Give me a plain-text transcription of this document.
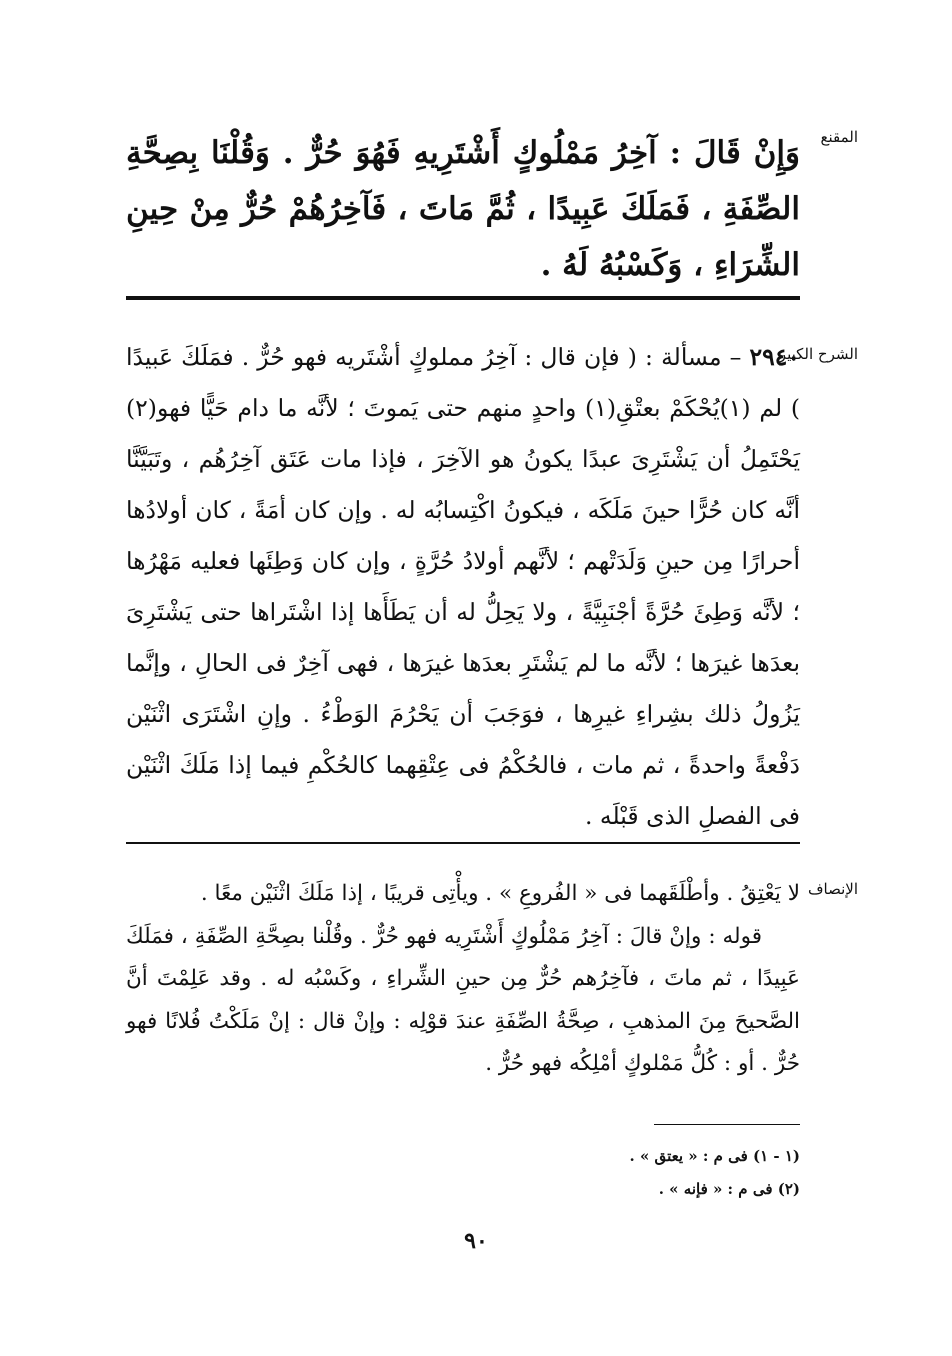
المقنع
وَإِنْ قَالَ : آخِرُ مَمْلُوكٍ أَشْتَرِيهِ فَهُوَ حُرٌّ . وَقُلْنَا بِصِحَّةِ الصِّفَةِ ، فَمَلَكَ عَبِيدًا ، ثُمَّ مَاتَ ، فَآخِرُهُمْ حُرٌّ مِنْ حِينِ الشِّرَاءِ ، وَكَسْبُهُ لَهُ .
الشرح الكبير
٢٩٤٠ – مسألة : ( فإن قال : آخِرُ مملوكٍ أشْتَريه فهو حُرٌّ . فمَلَكَ عَبيدًا ) لم (١)يُحْكَمْ بعتْقِ(١) واحدٍ منهم حتى يَموتَ ؛ لأنَّه ما دام حَيًّا فهو(٢) يَحْتَمِلُ أن يَشْتَرِىَ عبدًا يكونُ هو الآخِرَ ، فإذا مات عَتَق آخِرُهُم ، وتَبَيَّنَّا أنَّه كان حُرًّا حينَ مَلَكَه ، فيكونُ اكْتِسابُه له . وإن كان أمَةً ، كان أولادُها أحرارًا مِن حينِ وَلَدَتْهم ؛ لأنَّهم أولادُ حُرَّةٍ ، وإن كان وَطِئَها فعليه مَهْرُها ؛ لأنَّه وَطِئَ حُرَّةً أجْنَبِيَّةً ، ولا يَحِلُّ له أن يَطَأَها إذا اشْتَراها حتى يَشْتَرِىَ بعدَها غيرَها ؛ لأنَّه ما لم يَشْتَرِ بعدَها غيرَها ، فهى آخِرٌ فى الحالِ ، وإنَّما يَزُولُ ذلك بشِراءِ غيرِها ، فوَجَبَ أن يَحْرُمَ الوَطْءُ . وإنِ اشْتَرَى اثْنَيْن دَفْعةً واحدةً ، ثم مات ، فالحُكْمُ فى عِتْقِهما كالحُكْمِ فيما إذا مَلَكَ اثْنَيْن فى الفصلِ الذى قَبْلَه .
الإنصاف

لا يَعْتِقُ . وأطْلَقَهما فى « الفُروعِ » . ويأْتِى قريبًا ، إذا مَلَكَ اثْنَيْن معًا .

قوله : وإنْ قالَ : آخِرُ مَمْلُوكٍ أَشْتَرِيه فهو حُرٌّ . وقُلْنا بصِحَّةِ الصِّفَةِ ، فمَلَكَ عَبِيدًا ، ثم ماتَ ، فآخِرُهم حُرٌّ مِن حينِ الشِّراءِ ، وكَسْبُه له . وقد عَلِمْتَ أنَّ الصَّحيحَ مِنَ المذهبِ ، صِحَّةُ الصِّفَةِ عندَ قوْلِه : وإنْ قال : إنْ مَلَكْتُ فُلانًا فهو حُرٌّ . أو : كُلُّ مَمْلوكٍ أمْلِكُه فهو حُرٌّ .

(١ - ١) فى م : « يعتق » .
(٢) فى م : « فإنه » .
٩٠
